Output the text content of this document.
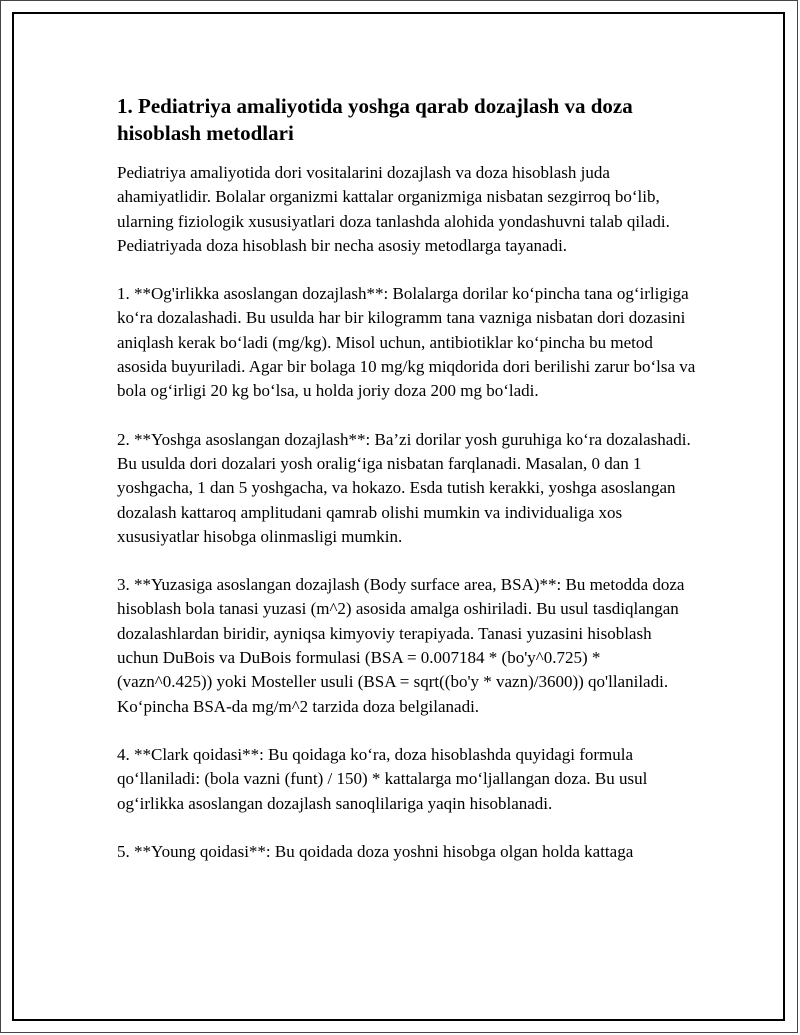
1. Pediatriya amaliyotida yoshga qarab dozajlash va doza hisoblash metodlari

Pediatriya amaliyotida dori vositalarini dozajlash va doza hisoblash juda ahamiyatlidir. Bolalar organizmi kattalar organizmiga nisbatan sezgirroq bo‘lib, ularning fiziologik xususiyatlari doza tanlashda alohida yondashuvni talab qiladi. Pediatriyada doza hisoblash bir necha asosiy metodlarga tayanadi.

1. **Og'irlikka asoslangan dozajlash**: Bolalarga dorilar ko‘pincha tana og‘irligiga ko‘ra dozalashadi. Bu usulda har bir kilogramm tana vazniga nisbatan dori dozasini aniqlash kerak bo‘ladi (mg/kg). Misol uchun, antibiotiklar ko‘pincha bu metod asosida buyuriladi. Agar bir bolaga 10 mg/kg miqdorida dori berilishi zarur bo‘lsa va bola og‘irligi 20 kg bo‘lsa, u holda joriy doza 200 mg bo‘ladi.

2. **Yoshga asoslangan dozajlash**: Ba’zi dorilar yosh guruhiga ko‘ra dozalashadi. Bu usulda dori dozalari yosh oralig‘iga nisbatan farqlanadi. Masalan, 0 dan 1 yoshgacha, 1 dan 5 yoshgacha, va hokazo. Esda tutish kerakki, yoshga asoslangan dozalash kattaroq amplitudani qamrab olishi mumkin va individualiga xos xususiyatlar hisobga olinmasligi mumkin.

3. **Yuzasiga asoslangan dozajlash (Body surface area, BSA)**: Bu metodda doza hisoblash bola tanasi yuzasi (m^2) asosida amalga oshiriladi. Bu usul tasdiqlangan dozalashlardan biridir, ayniqsa kimyoviy terapiyada. Tanasi yuzasini hisoblash uchun DuBois va DuBois formulasi (BSA = 0.007184 * (bo'y^0.725) * (vazn^0.425)) yoki Mosteller usuli (BSA = sqrt((bo'y * vazn)/3600)) qo'llaniladi. Ko‘pincha BSA-da mg/m^2 tarzida doza belgilanadi.

4. **Clark qoidasi**: Bu qoidaga ko‘ra, doza hisoblashda quyidagi formula qo‘llaniladi: (bola vazni (funt) / 150) * kattalarga mo‘ljallangan doza. Bu usul og‘irlikka asoslangan dozajlash sanoqlilariga yaqin hisoblanadi.

5. **Young qoidasi**: Bu qoidada doza yoshni hisobga olgan holda kattaga
